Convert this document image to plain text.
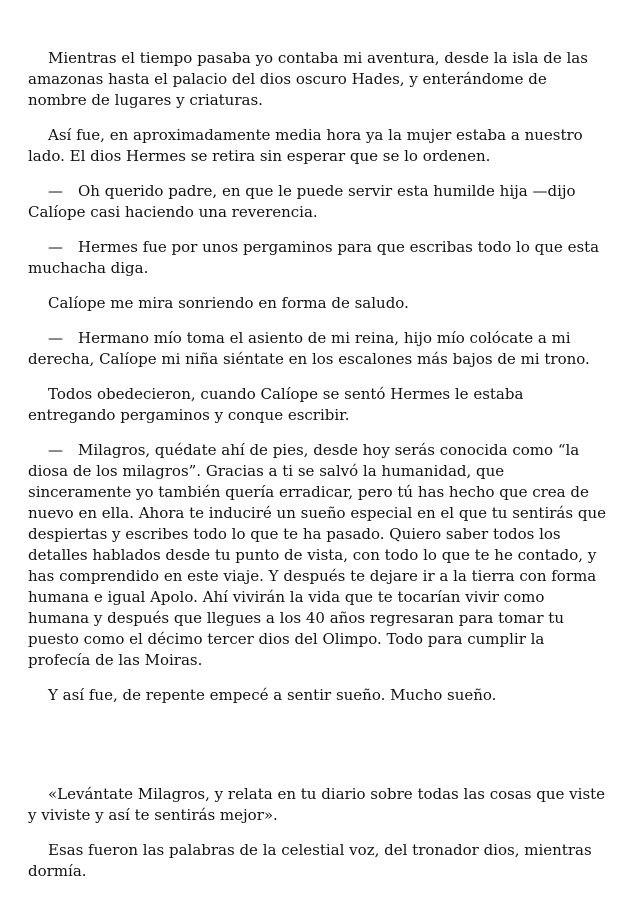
Mientras el tiempo pasaba yo contaba mi aventura, desde la isla de las amazonas hasta el palacio del dios oscuro Hades, y enterándome de nombre de lugares y criaturas.

Así fue, en aproximadamente media hora ya la mujer estaba a nuestro lado. El dios Hermes se retira sin esperar que se lo ordenen.

— Oh querido padre, en que le puede servir esta humilde hija —dijo Calíope casi haciendo una reverencia.

— Hermes fue por unos pergaminos para que escribas todo lo que esta muchacha diga.

Calíope me mira sonriendo en forma de saludo.

— Hermano mío toma el asiento de mi reina, hijo mío colócate a mi derecha, Calíope mi niña siéntate en los escalones más bajos de mi trono.

Todos obedecieron, cuando Calíope se sentó Hermes le estaba entregando pergaminos y conque escribir.

— Milagros, quédate ahí de pies, desde hoy serás conocida como “la diosa de los milagros”. Gracias a ti se salvó la humanidad, que sinceramente yo también quería erradicar, pero tú has hecho que crea de nuevo en ella. Ahora te induciré un sueño especial en el que tu sentirás que despiertas y escribes todo lo que te ha pasado. Quiero saber todos los detalles hablados desde tu punto de vista, con todo lo que te he contado, y has comprendido en este viaje. Y después te dejare ir a la tierra con forma humana e igual Apolo. Ahí vivirán la vida que te tocarían vivir como humana y después que llegues a los 40 años regresaran para tomar tu puesto como el décimo tercer dios del Olimpo. Todo para cumplir la profecía de las Moiras.

Y así fue, de repente empecé a sentir sueño. Mucho sueño.

«Levántate Milagros, y relata en tu diario sobre todas las cosas que viste y viviste y así te sentirás mejor».

Esas fueron las palabras de la celestial voz, del tronador dios, mientras dormía.
